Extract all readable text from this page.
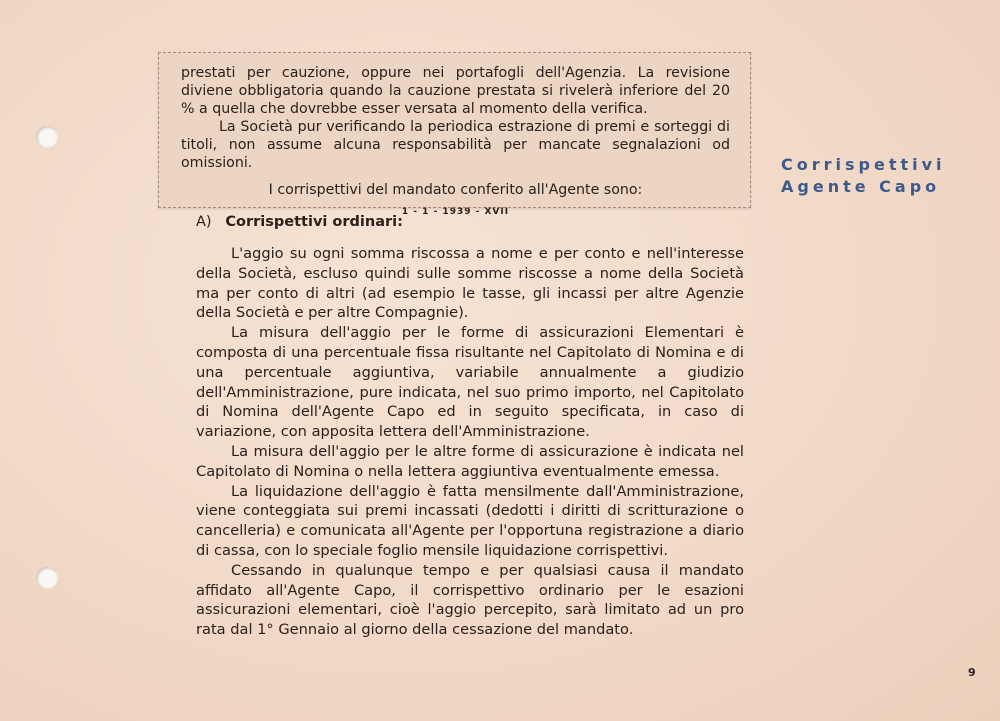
prestati per cauzione, oppure nei portafogli dell'Agenzia. La revisione diviene obbligatoria quando la cauzione prestata si rivelerà inferiore del 20 % a quella che dovrebbe esser versata al momento della verifica.

La Società pur verificando la periodica estrazione di premi e sorteggi di titoli, non assume alcuna responsabilità per mancate segnalazioni od omissioni.

I corrispettivi del mandato conferito all'Agente sono:

1 - 1 - 1939 - XVII
Corrispettivi
Agente Capo
A) Corrispettivi ordinari:

L'aggio su ogni somma riscossa a nome e per conto e nell'interesse della Società, escluso quindi sulle somme riscosse a nome della Società ma per conto di altri (ad esempio le tasse, gli incassi per altre Agenzie della Società e per altre Compagnie).

La misura dell'aggio per le forme di assicurazioni Elementari è composta di una percentuale fissa risultante nel Capitolato di Nomina e di una percentuale aggiuntiva, variabile annualmente a giudizio dell'Amministrazione, pure indicata, nel suo primo importo, nel Capitolato di Nomina dell'Agente Capo ed in seguito specificata, in caso di variazione, con apposita lettera dell'Amministrazione.

La misura dell'aggio per le altre forme di assicurazione è indicata nel Capitolato di Nomina o nella lettera aggiuntiva eventualmente emessa.

La liquidazione dell'aggio è fatta mensilmente dall'Amministrazione, viene conteggiata sui premi incassati (dedotti i diritti di scritturazione o cancelleria) e comunicata all'Agente per l'opportuna registrazione a diario di cassa, con lo speciale foglio mensile liquidazione corrispettivi.

Cessando in qualunque tempo e per qualsiasi causa il mandato affidato all'Agente Capo, il corrispettivo ordinario per le esazioni assicurazioni elementari, cioè l'aggio percepito, sarà limitato ad un pro rata dal 1° Gennaio al giorno della cessazione del mandato.

9
